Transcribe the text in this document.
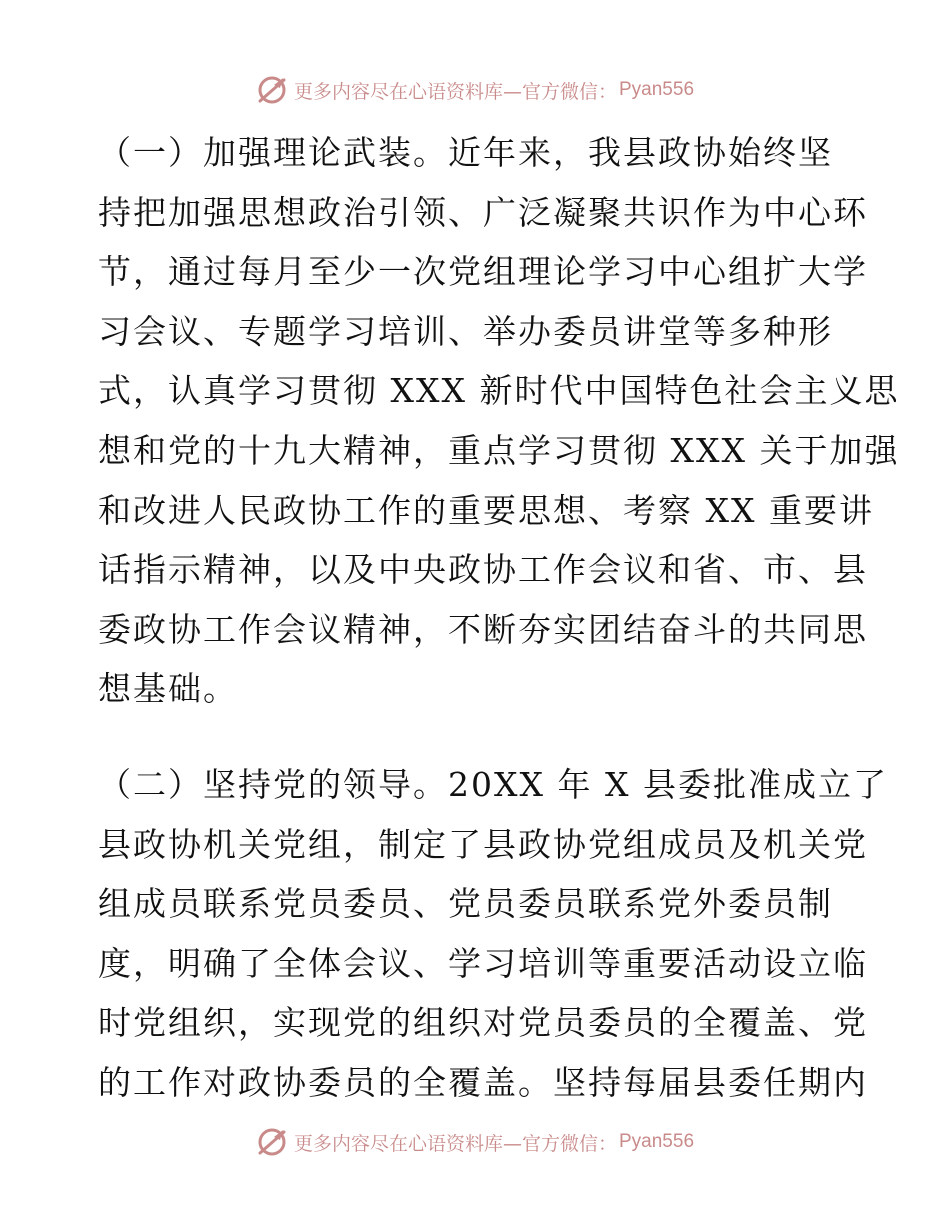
更多内容尽在心语资料库—官方微信： Pyan556
（一）加强理论武装。近年来，我县政协始终坚
持把加强思想政治引领、广泛凝聚共识作为中心环
节，通过每月至少一次党组理论学习中心组扩大学
习会议、专题学习培训、举办委员讲堂等多种形
式，认真学习贯彻 XXX 新时代中国特色社会主义思
想和党的十九大精神，重点学习贯彻 XXX 关于加强
和改进人民政协工作的重要思想、考察 XX 重要讲
话指示精神，以及中央政协工作会议和省、市、县
委政协工作会议精神，不断夯实团结奋斗的共同思
想基础。
（二）坚持党的领导。20XX 年 X 县委批准成立了
县政协机关党组，制定了县政协党组成员及机关党
组成员联系党员委员、党员委员联系党外委员制
度，明确了全体会议、学习培训等重要活动设立临
时党组织，实现党的组织对党员委员的全覆盖、党
的工作对政协委员的全覆盖。坚持每届县委任期内
更多内容尽在心语资料库—官方微信： Pyan556
